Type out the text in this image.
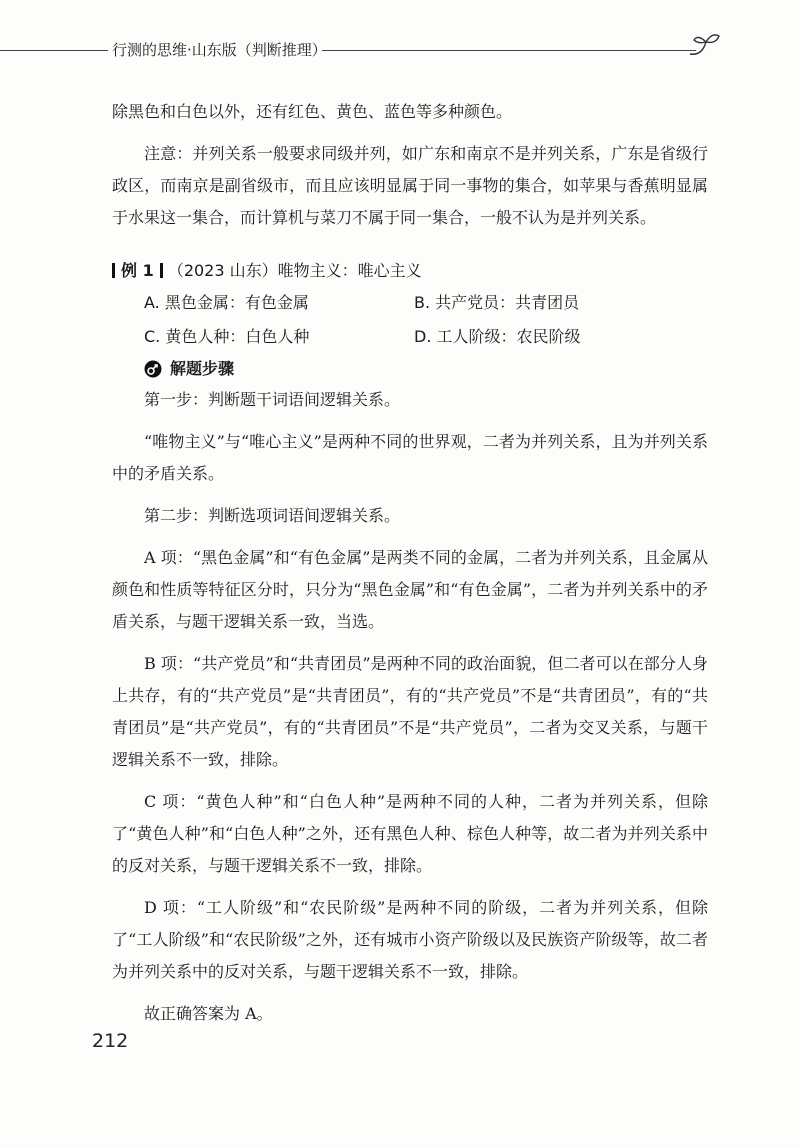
行测的思维·山东版（判断推理）

除黑色和白色以外，还有红色、黄色、蓝色等多种颜色。

注意：并列关系一般要求同级并列，如广东和南京不是并列关系，广东是省级行政区，而南京是副省级市，而且应该明显属于同一事物的集合，如苹果与香蕉明显属于水果这一集合，而计算机与菜刀不属于同一集合，一般不认为是并列关系。

例 1 （2023 山东）唯物主义：唯心主义
A. 黑色金属：有色金属	B. 共产党员：共青团员
C. 黄色人种：白色人种	D. 工人阶级：农民阶级
解题步骤

第一步：判断题干词语间逻辑关系。

“唯物主义”与“唯心主义”是两种不同的世界观，二者为并列关系，且为并列关系中的矛盾关系。

第二步：判断选项词语间逻辑关系。

A 项：“黑色金属”和“有色金属”是两类不同的金属，二者为并列关系，且金属从颜色和性质等特征区分时，只分为“黑色金属”和“有色金属”，二者为并列关系中的矛盾关系，与题干逻辑关系一致，当选。

B 项：“共产党员”和“共青团员”是两种不同的政治面貌，但二者可以在部分人身上共存，有的“共产党员”是“共青团员”，有的“共产党员”不是“共青团员”，有的“共青团员”是“共产党员”，有的“共青团员”不是“共产党员”，二者为交叉关系，与题干逻辑关系不一致，排除。

C 项：“黄色人种”和“白色人种”是两种不同的人种，二者为并列关系，但除了“黄色人种”和“白色人种”之外，还有黑色人种、棕色人种等，故二者为并列关系中的反对关系，与题干逻辑关系不一致，排除。

D 项：“工人阶级”和“农民阶级”是两种不同的阶级，二者为并列关系，但除了“工人阶级”和“农民阶级”之外，还有城市小资产阶级以及民族资产阶级等，故二者为并列关系中的反对关系，与题干逻辑关系不一致，排除。

故正确答案为 A。

212
